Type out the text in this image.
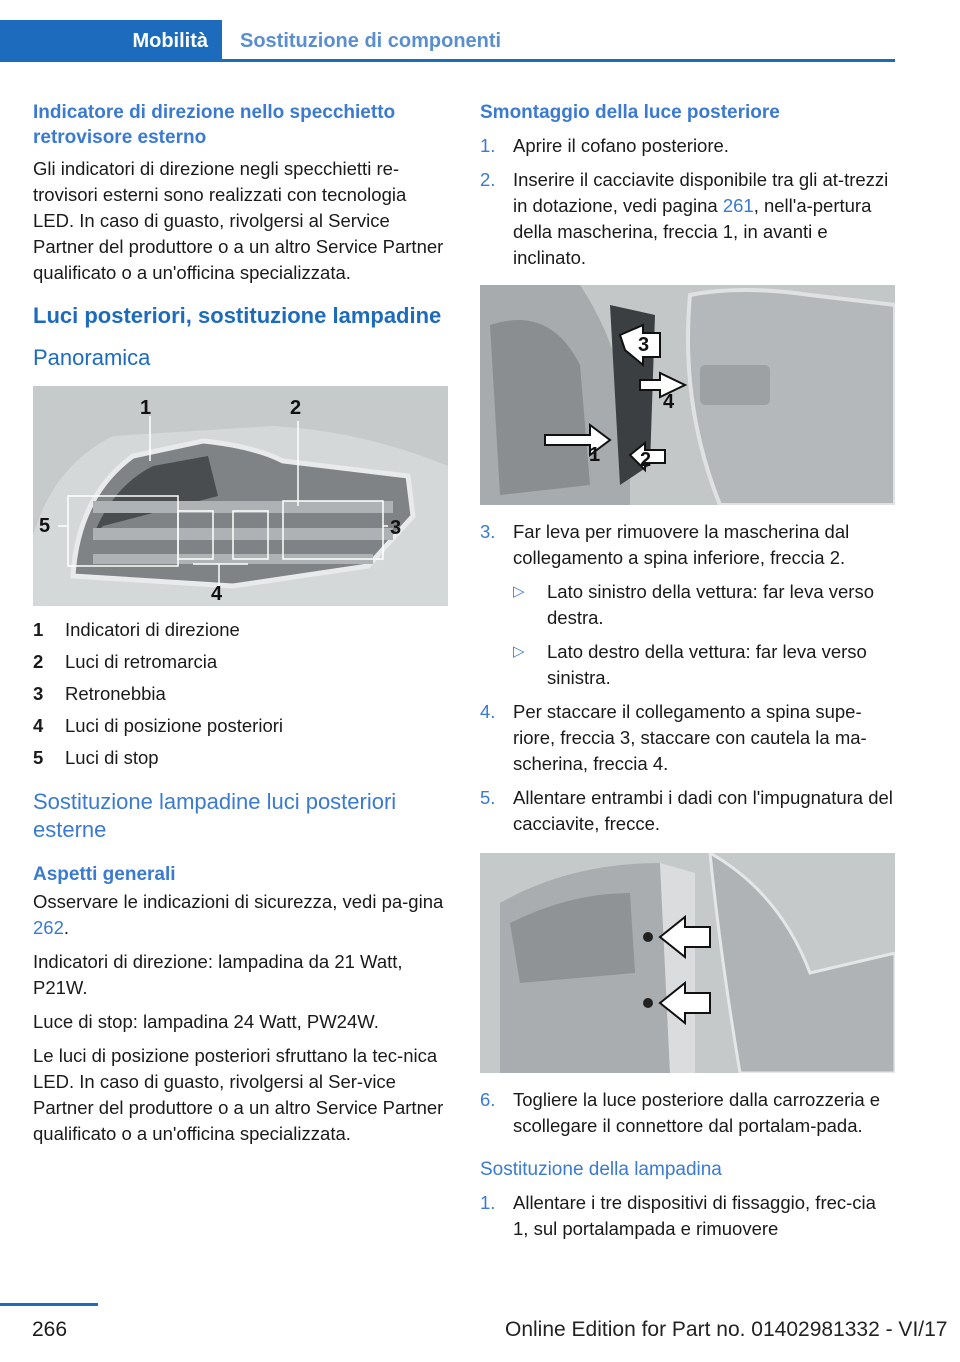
Mobilità Sostituzione di componenti
Indicatore di direzione nello specchietto retrovisore esterno
Gli indicatori di direzione negli specchietti re-trovisori esterni sono realizzati con tecnologia LED. In caso di guasto, rivolgersi al Service Partner del produttore o a un altro Service Partner qualificato o a un'officina specializzata.
Luci posteriori, sostituzione lampadine
Panoramica
1	2
3
4
5
1	Indicatori di direzione
2	Luci di retromarcia
3	Retronebbia
4	Luci di posizione posteriori
5	Luci di stop
Sostituzione lampadine luci posteriori esterne
Aspetti generali
Osservare le indicazioni di sicurezza, vedi pa-gina 262.
Indicatori di direzione: lampadina da 21 Watt, P21W.
Luce di stop: lampadina 24 Watt, PW24W.
Le luci di posizione posteriori sfruttano la tec-nica LED. In caso di guasto, rivolgersi al Ser-vice Partner del produttore o a un altro Service Partner qualificato o a un'officina specializzata.
Smontaggio della luce posteriore
1. Aprire il cofano posteriore.
2. Inserire il cacciavite disponibile tra gli at-trezzi in dotazione, vedi pagina 261, nell'a-pertura della mascherina, freccia 1, in avanti e inclinato.
3
4
1 2
3. Far leva per rimuovere la mascherina dal collegamento a spina inferiore, freccia 2.
▷	Lato sinistro della vettura: far leva verso destra.
▷	Lato destro della vettura: far leva verso sinistra.
4. Per staccare il collegamento a spina supe-riore, freccia 3, staccare con cautela la ma-scherina, freccia 4.
5. Allentare entrambi i dadi con l'impugnatura del cacciavite, frecce.
6. Togliere la luce posteriore dalla carrozzeria e scollegare il connettore dal portalam-pada.
Sostituzione della lampadina
1. Allentare i tre dispositivi di fissaggio, frec-cia 1, sul portalampada e rimuovere
266	Online Edition for Part no. 01402981332 - VI/17
